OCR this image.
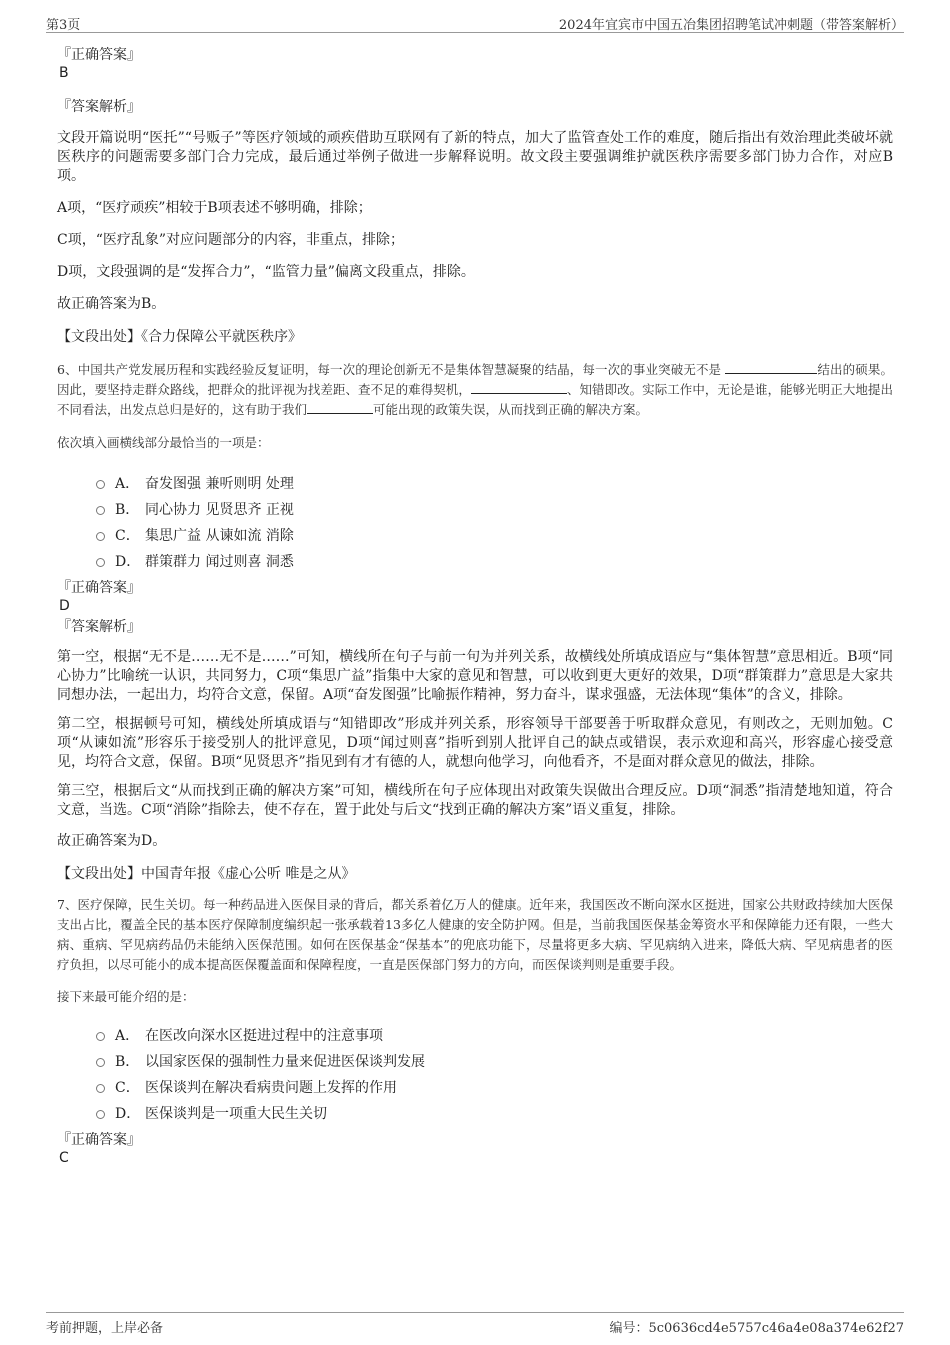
第3页	2024年宜宾市中国五冶集团招聘笔试冲刺题（带答案解析）

『正确答案』

B

『答案解析』

文段开篇说明“医托”“号贩子”等医疗领域的顽疾借助互联网有了新的特点，加大了监管查处工作的难度，随后指出有效治理此类破坏就医秩序的问题需要多部门合力完成，最后通过举例子做进一步解释说明。故文段主要强调维护就医秩序需要多部门协力合作，对应B项。

A项，“医疗顽疾”相较于B项表述不够明确，排除；

C项，“医疗乱象”对应问题部分的内容，非重点，排除；

D项，文段强调的是“发挥合力”，“监管力量”偏离文段重点，排除。

故正确答案为B。

【文段出处】《合力保障公平就医秩序》

6、中国共产党发展历程和实践经验反复证明，每一次的理论创新无不是集体智慧凝聚的结晶，每一次的事业突破无不是	结出的硕果。因此，要坚持走群众路线，把群众的批评视为找差距、查不足的难得契机，	、知错即改。实际工作中，无论是谁，能够光明正大地提出不同看法，出发点总归是好的，这有助于我们	可能出现的政策失误，从而找到正确的解决方案。

依次填入画横线部分最恰当的一项是：

A． 奋发图强 兼听则明 处理
B． 同心协力 见贤思齐 正视
C． 集思广益 从谏如流 消除
D． 群策群力 闻过则喜 洞悉

『正确答案』

D

『答案解析』

第一空，根据“无不是……无不是……”可知，横线所在句子与前一句为并列关系，故横线处所填成语应与“集体智慧”意思相近。B项“同心协力”比喻统一认识，共同努力，C项“集思广益”指集中大家的意见和智慧，可以收到更大更好的效果，D项“群策群力”意思是大家共同想办法，一起出力，均符合文意，保留。A项“奋发图强”比喻振作精神，努力奋斗，谋求强盛，无法体现“集体”的含义，排除。

第二空，根据顿号可知，横线处所填成语与“知错即改”形成并列关系，形容领导干部要善于听取群众意见，有则改之，无则加勉。C项“从谏如流”形容乐于接受别人的批评意见，D项“闻过则喜”指听到别人批评自己的缺点或错误，表示欢迎和高兴，形容虚心接受意见，均符合文意，保留。B项“见贤思齐”指见到有才有德的人，就想向他学习，向他看齐，不是面对群众意见的做法，排除。

第三空，根据后文“从而找到正确的解决方案”可知，横线所在句子应体现出对政策失误做出合理反应。D项“洞悉”指清楚地知道，符合文意，当选。C项“消除”指除去，使不存在，置于此处与后文“找到正确的解决方案”语义重复，排除。

故正确答案为D。

【文段出处】中国青年报《虚心公听 唯是之从》

7、医疗保障，民生关切。每一种药品进入医保目录的背后，都关系着亿万人的健康。近年来，我国医改不断向深水区挺进，国家公共财政持续加大医保支出占比，覆盖全民的基本医疗保障制度编织起一张承载着13多亿人健康的安全防护网。但是，当前我国医保基金筹资水平和保障能力还有限，一些大病、重病、罕见病药品仍未能纳入医保范围。如何在医保基金“保基本”的兜底功能下，尽量将更多大病、罕见病纳入进来，降低大病、罕见病患者的医疗负担，以尽可能小的成本提高医保覆盖面和保障程度，一直是医保部门努力的方向，而医保谈判则是重要手段。

接下来最可能介绍的是：

A． 在医改向深水区挺进过程中的注意事项
B． 以国家医保的强制性力量来促进医保谈判发展
C． 医保谈判在解决看病贵问题上发挥的作用
D． 医保谈判是一项重大民生关切

『正确答案』

C

考前押题，上岸必备	编号：5c0636cd4e5757c46a4e08a374e62f27
